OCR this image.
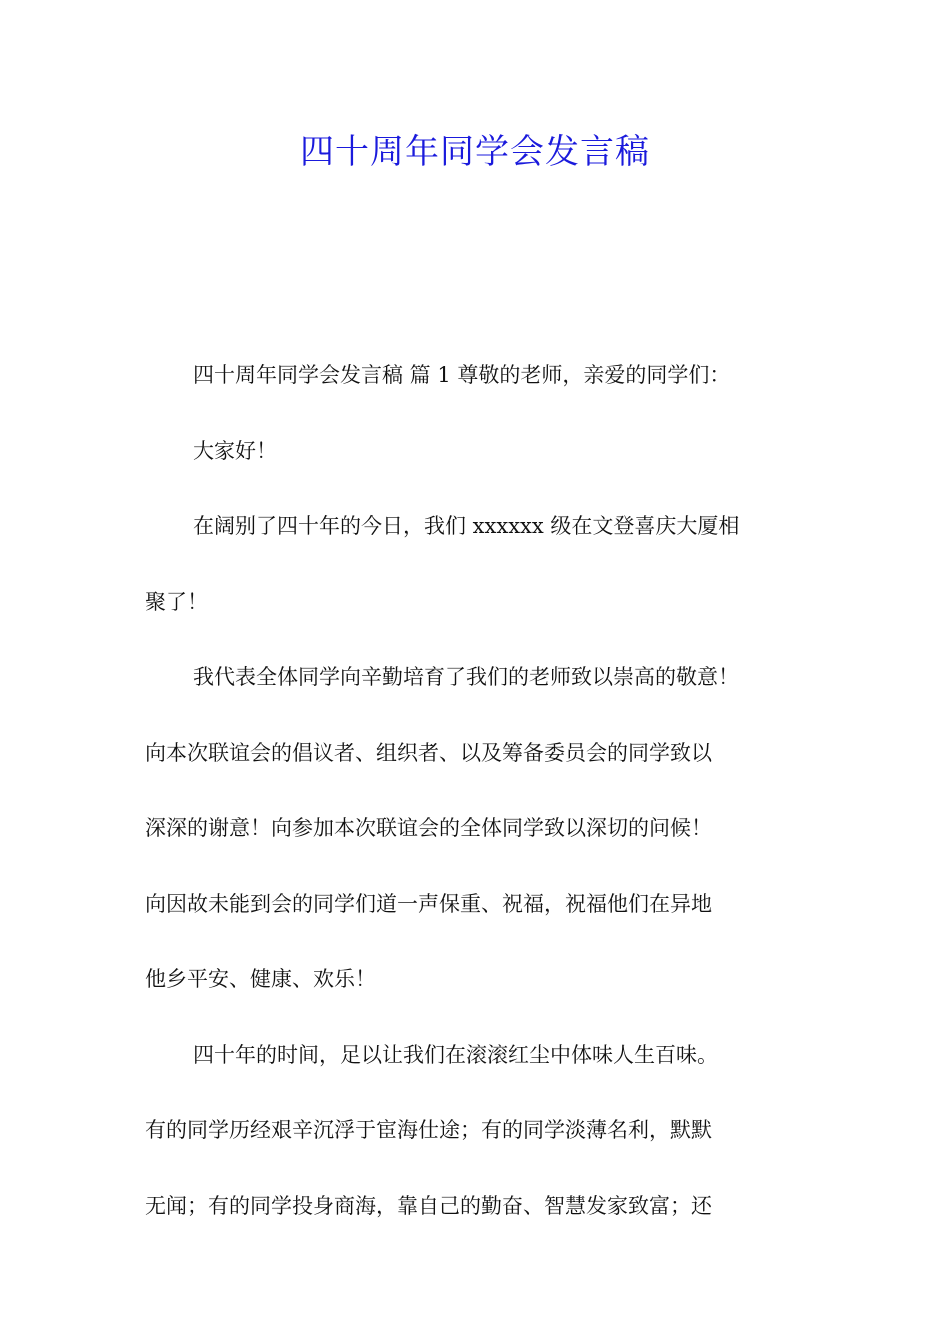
四十周年同学会发言稿
四十周年同学会发言稿 篇 1 尊敬的老师，亲爱的同学们：
大家好！
在阔别了四十年的今日，我们 xxxxxx 级在文登喜庆大厦相
聚了！
我代表全体同学向辛勤培育了我们的老师致以崇高的敬意！
向本次联谊会的倡议者、组织者、以及筹备委员会的同学致以
深深的谢意！向参加本次联谊会的全体同学致以深切的问候！
向因故未能到会的同学们道一声保重、祝福，祝福他们在异地
他乡平安、健康、欢乐！
四十年的时间，足以让我们在滚滚红尘中体味人生百味。
有的同学历经艰辛沉浮于宦海仕途；有的同学淡薄名利，默默
无闻；有的同学投身商海，靠自己的勤奋、智慧发家致富；还
